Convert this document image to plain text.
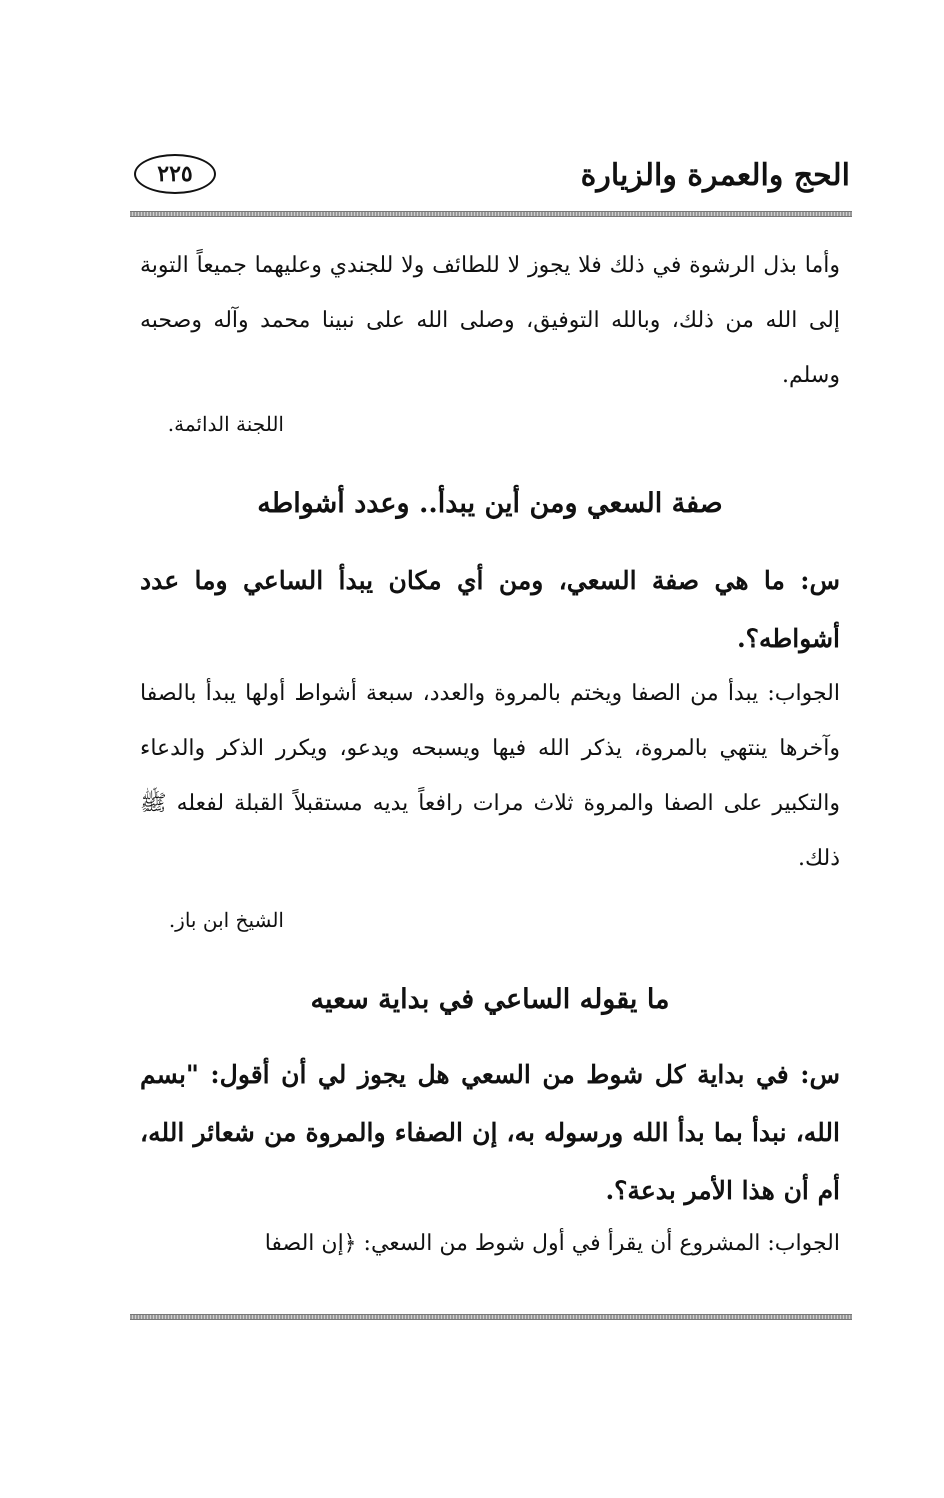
الحج والعمرة والزيارة
٢٢٥
وأما بذل الرشوة في ذلك فلا يجوز لا للطائف ولا للجندي وعليهما جميعاً التوبة إلى الله من ذلك، وبالله التوفيق، وصلى الله على نبينا محمد وآله وصحبه وسلم.
اللجنة الدائمة.
صفة السعي ومن أين يبدأ.. وعدد أشواطه
س: ما هي صفة السعي، ومن أي مكان يبدأ الساعي وما عدد أشواطه؟.
الجواب: يبدأ من الصفا ويختم بالمروة والعدد، سبعة أشواط أولها يبدأ بالصفا وآخرها ينتهي بالمروة، يذكر الله فيها ويسبحه ويدعو، ويكرر الذكر والدعاء والتكبير على الصفا والمروة ثلاث مرات رافعاً يديه مستقبلاً القبلة لفعله ﷺ ذلك.
الشيخ ابن باز.
ما يقوله الساعي في بداية سعيه
س: في بداية كل شوط من السعي هل يجوز لي أن أقول: "بسم الله، نبدأ بما بدأ الله ورسوله به، إن الصفاء والمروة من شعائر الله، أم أن هذا الأمر بدعة؟.
الجواب: المشروع أن يقرأ في أول شوط من السعي: ﴿إن الصفا
